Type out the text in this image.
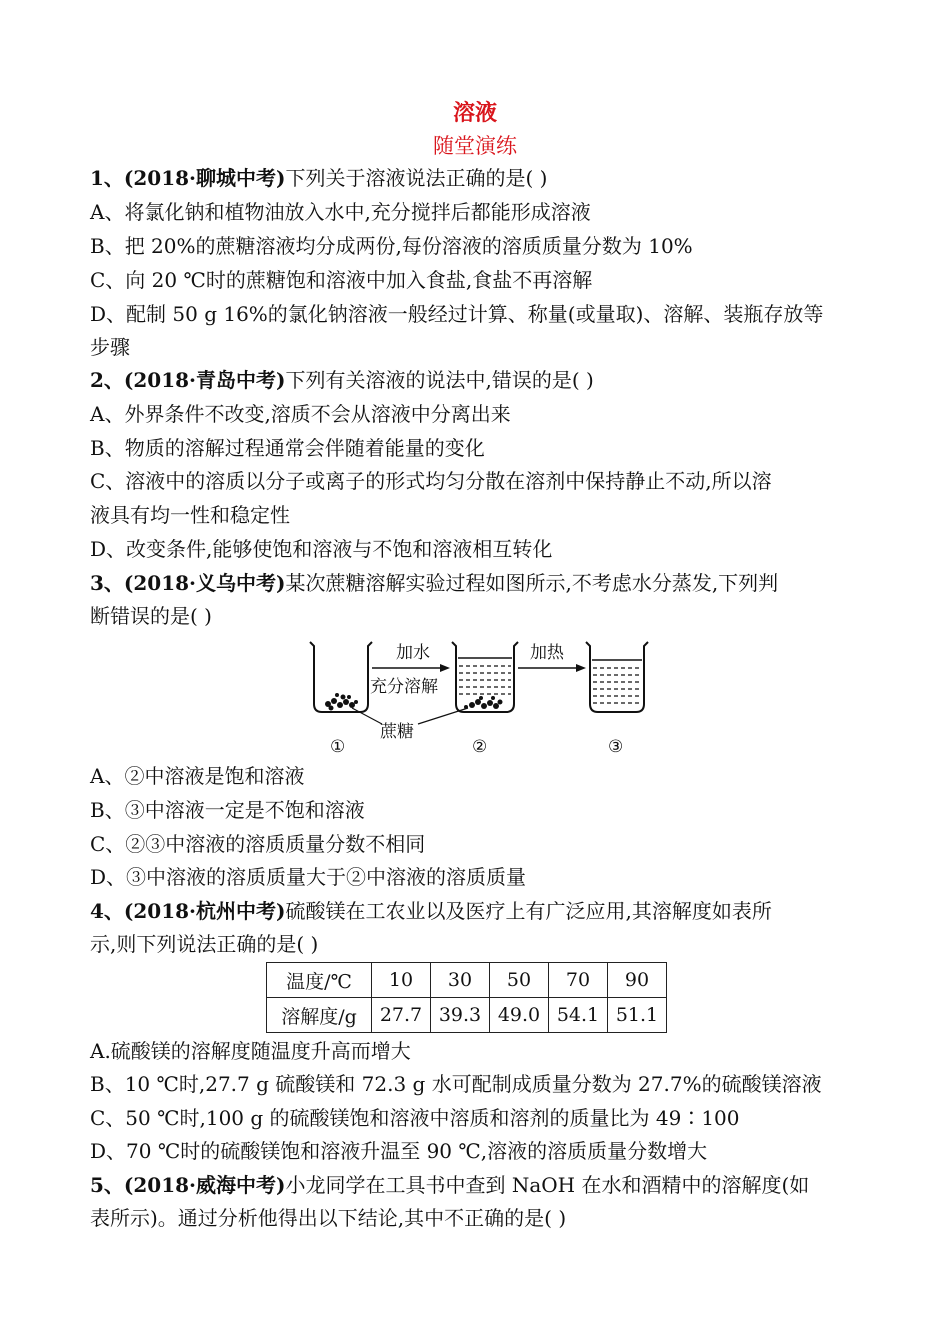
溶液
随堂演练
1、(2018·聊城中考)下列关于溶液说法正确的是( )
A、将氯化钠和植物油放入水中,充分搅拌后都能形成溶液
B、把 20%的蔗糖溶液均分成两份,每份溶液的溶质质量分数为 10%
C、向 20 ℃时的蔗糖饱和溶液中加入食盐,食盐不再溶解
D、配制 50 g 16%的氯化钠溶液一般经过计算、称量(或量取)、溶解、装瓶存放等
步骤
2、(2018·青岛中考)下列有关溶液的说法中,错误的是( )
A、外界条件不改变,溶质不会从溶液中分离出来
B、物质的溶解过程通常会伴随着能量的变化
C、溶液中的溶质以分子或离子的形式均匀分散在溶剂中保持静止不动,所以溶
液具有均一性和稳定性
D、改变条件,能够使饱和溶液与不饱和溶液相互转化
3、(2018·义乌中考)某次蔗糖溶解实验过程如图所示,不考虑水分蒸发,下列判
断错误的是( )
加水
充分溶解
加热
蔗糖
①	②	③
A、②中溶液是饱和溶液
B、③中溶液一定是不饱和溶液
C、②③中溶液的溶质质量分数不相同
D、③中溶液的溶质质量大于②中溶液的溶质质量
4、(2018·杭州中考)硫酸镁在工农业以及医疗上有广泛应用,其溶解度如表所
示,则下列说法正确的是( )
温度/℃	10	30	50	70	90
溶解度/g	27.7	39.3	49.0	54.1	51.1
A.硫酸镁的溶解度随温度升高而增大
B、10 ℃时,27.7 g 硫酸镁和 72.3 g 水可配制成质量分数为 27.7%的硫酸镁溶液
C、50 ℃时,100 g 的硫酸镁饱和溶液中溶质和溶剂的质量比为 49∶100
D、70 ℃时的硫酸镁饱和溶液升温至 90 ℃,溶液的溶质质量分数增大
5、(2018·威海中考)小龙同学在工具书中查到 NaOH 在水和酒精中的溶解度(如
表所示)。通过分析他得出以下结论,其中不正确的是( )
